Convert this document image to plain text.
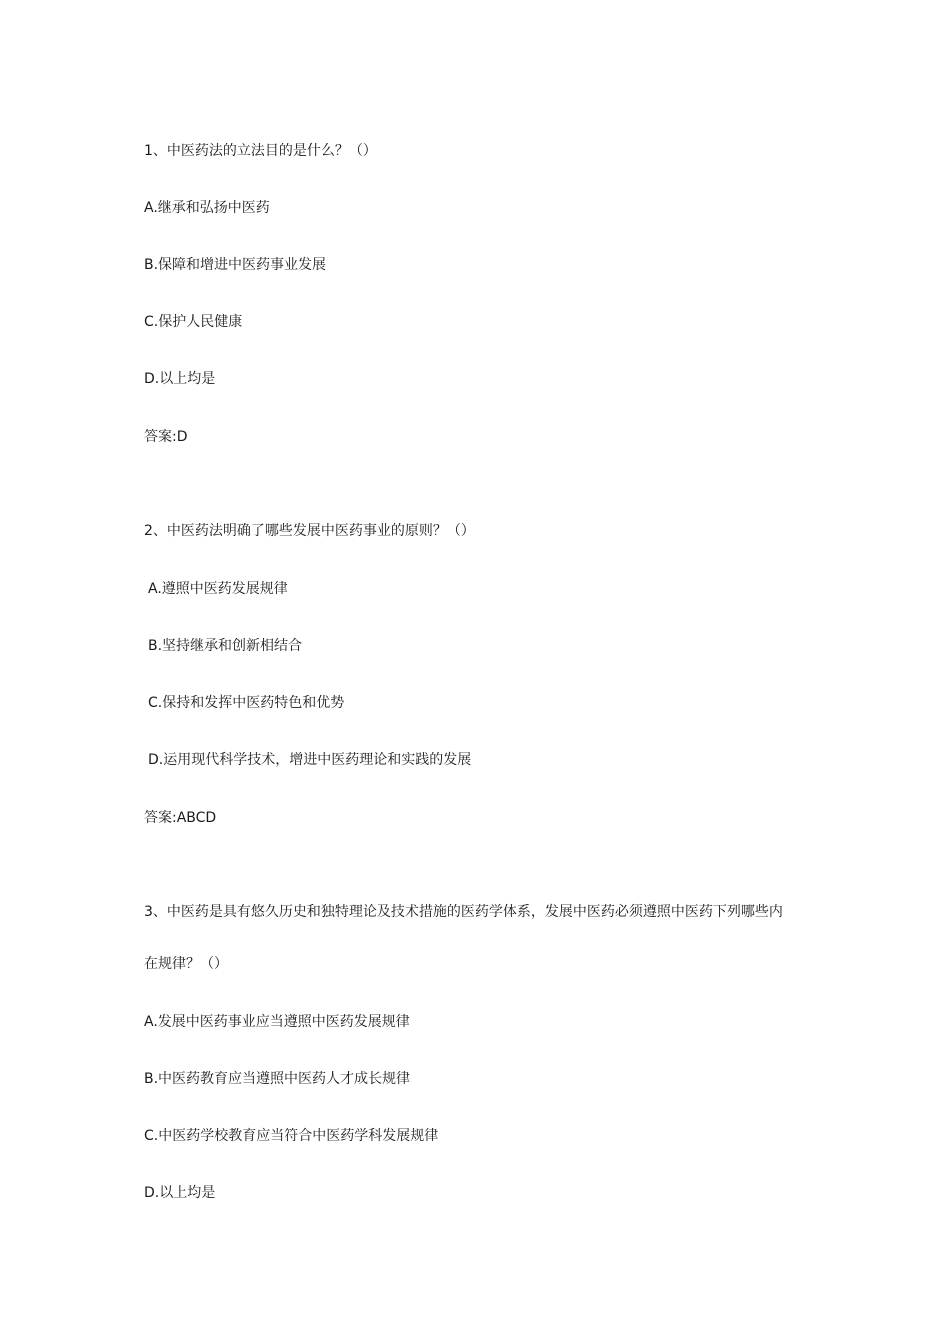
1、中医药法的立法目的是什么？（）
A.继承和弘扬中医药
B.保障和增进中医药事业发展
C.保护人民健康
D.以上均是
答案:D
2、中医药法明确了哪些发展中医药事业的原则？（）
A.遵照中医药发展规律
B.坚持继承和创新相结合
C.保持和发挥中医药特色和优势
D.运用现代科学技术，增进中医药理论和实践的发展
答案:ABCD
3、中医药是具有悠久历史和独特理论及技术措施的医药学体系，发展中医药必须遵照中医药下列哪些内
在规律？（）
A.发展中医药事业应当遵照中医药发展规律
B.中医药教育应当遵照中医药人才成长规律
C.中医药学校教育应当符合中医药学科发展规律
D.以上均是
